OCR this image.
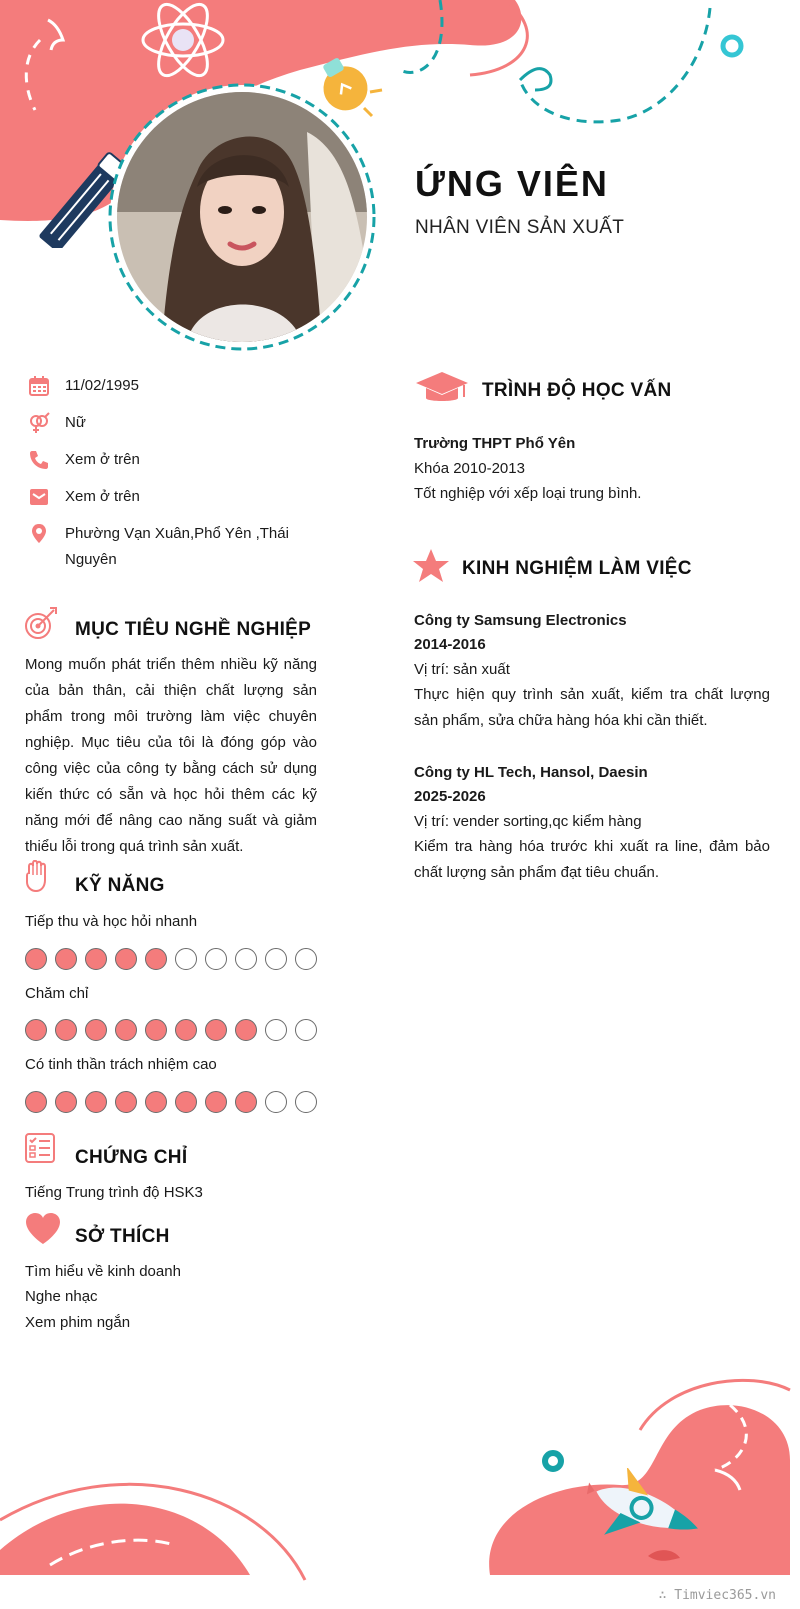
ỨNG VIÊN
NHÂN VIÊN SẢN XUẤT
11/02/1995
Nữ
Xem ở trên
Xem ở trên
Phường Vạn Xuân,Phổ Yên ,Thái Nguyên
MỤC TIÊU NGHỀ NGHIỆP
Mong muốn phát triển thêm nhiều kỹ năng của bản thân, cải thiện chất lượng sản phẩm trong môi trường làm việc chuyên nghiệp. Mục tiêu của tôi là đóng góp vào công việc của công ty bằng cách sử dụng kiến thức có sẵn và học hỏi thêm các kỹ năng mới để nâng cao năng suất và giảm thiểu lỗi trong quá trình sản xuất.
KỸ NĂNG
Tiếp thu và học hỏi nhanh
Chăm chỉ
Có tinh thần trách nhiệm cao
CHỨNG CHỈ
Tiếng Trung trình độ HSK3
SỞ THÍCH
Tìm hiểu về kinh doanh
Nghe nhạc
Xem phim ngắn
TRÌNH ĐỘ HỌC VẤN
Trường THPT Phổ Yên
Khóa 2010-2013
Tốt nghiệp với xếp loại trung bình.
KINH NGHIỆM LÀM VIỆC
Công ty Samsung Electronics
2014-2016
Vị trí: sản xuất
Thực hiện quy trình sản xuất, kiểm tra chất lượng sản phẩm, sửa chữa hàng hóa khi cần thiết.
Công ty HL Tech, Hansol, Daesin
2025-2026
Vị trí: vender sorting,qc kiểm hàng
Kiểm tra hàng hóa trước khi xuất ra line, đảm bảo chất lượng sản phẩm đạt tiêu chuẩn.
∴ Timviec365.vn
